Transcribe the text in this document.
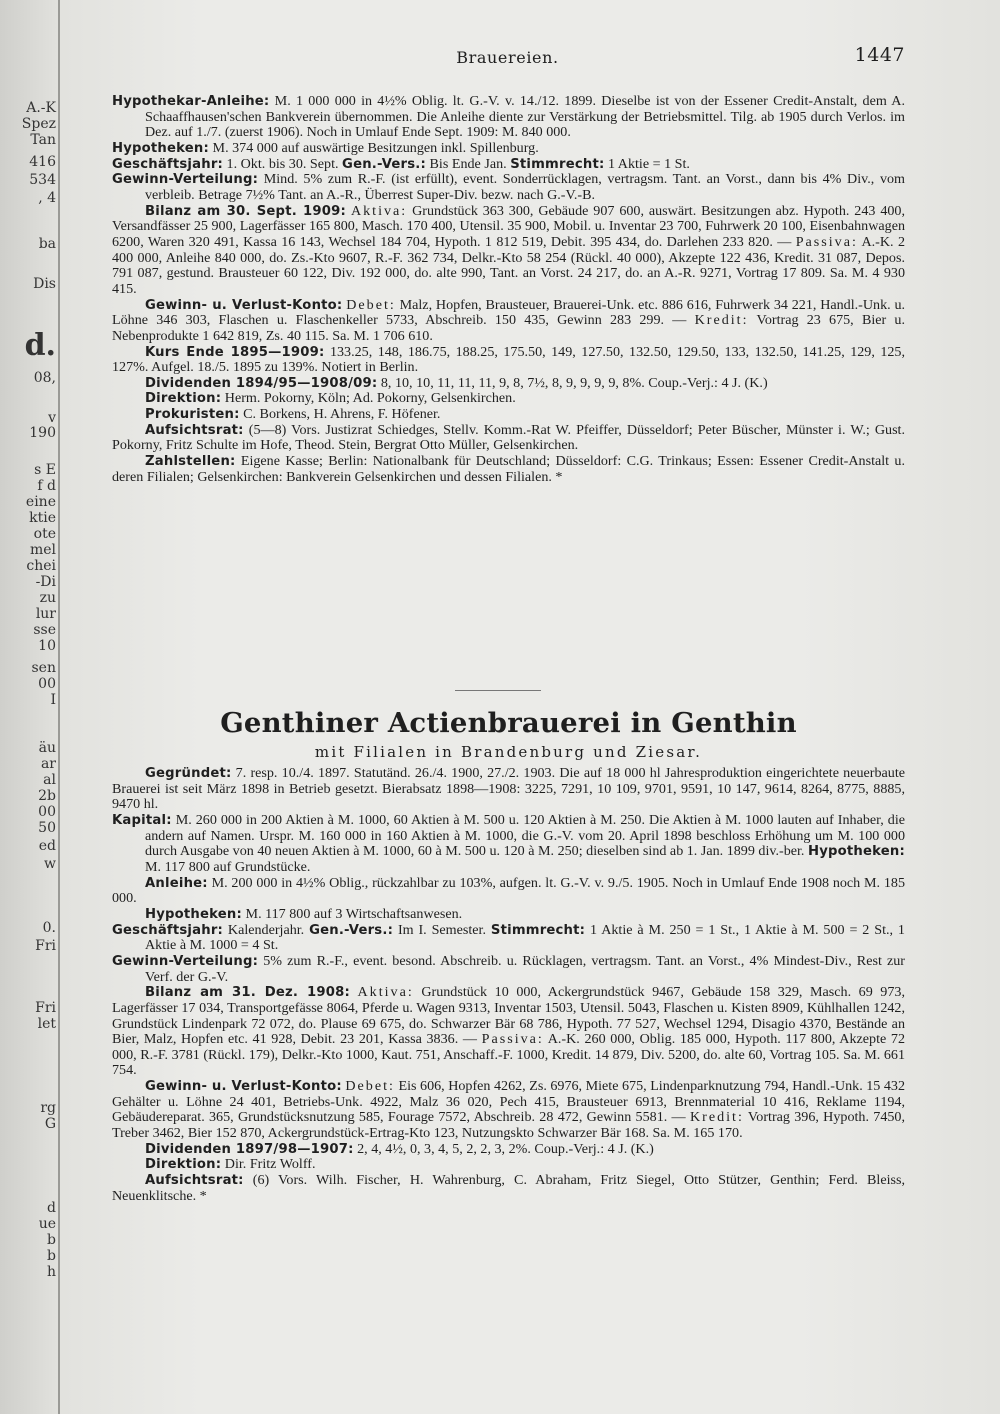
A.-K
Spez
Tan
416
534
, 4
ba
Dis
d.
08,
v
190
s E
f d
eine
ktie
ote
mel
chei
-Di
zu
lur
sse
10
sen
00
I
äu
ar
al
2b
00
50
ed
w
0.
Fri
Fri
let
rg
G
d
ue
b
b
h
Brauereien.	1447

Hypothekar-Anleihe: M. 1 000 000 in 4½% Oblig. lt. G.-V. v. 14./12. 1899. Dieselbe ist von der Essener Credit-Anstalt, dem A. Schaaffhausen'schen Bankverein übernommen. Die Anleihe diente zur Verstärkung der Betriebsmittel. Tilg. ab 1905 durch Verlos. im Dez. auf 1./7. (zuerst 1906). Noch in Umlauf Ende Sept. 1909: M. 840 000.

Hypotheken: M. 374 000 auf auswärtige Besitzungen inkl. Spillenburg.

Geschäftsjahr: 1. Okt. bis 30. Sept. Gen.-Vers.: Bis Ende Jan. Stimmrecht: 1 Aktie = 1 St.

Gewinn-Verteilung: Mind. 5% zum R.-F. (ist erfüllt), event. Sonderrücklagen, vertragsm. Tant. an Vorst., dann bis 4% Div., vom verbleib. Betrage 7½% Tant. an A.-R., Überrest Super-Div. bezw. nach G.-V.-B.

Bilanz am 30. Sept. 1909: Aktiva: Grundstück 363 300, Gebäude 907 600, auswärt. Besitzungen abz. Hypoth. 243 400, Versandfässer 25 900, Lagerfässer 165 800, Masch. 170 400, Utensil. 35 900, Mobil. u. Inventar 23 700, Fuhrwerk 20 100, Eisenbahnwagen 6200, Waren 320 491, Kassa 16 143, Wechsel 184 704, Hypoth. 1 812 519, Debit. 395 434, do. Darlehen 233 820. — Passiva: A.-K. 2 400 000, Anleihe 840 000, do. Zs.-Kto 9607, R.-F. 362 734, Delkr.-Kto 58 254 (Rückl. 40 000), Akzepte 122 436, Kredit. 31 087, Depos. 791 087, gestund. Brausteuer 60 122, Div. 192 000, do. alte 990, Tant. an Vorst. 24 217, do. an A.-R. 9271, Vortrag 17 809. Sa. M. 4 930 415.

Gewinn- u. Verlust-Konto: Debet: Malz, Hopfen, Brausteuer, Brauerei-Unk. etc. 886 616, Fuhrwerk 34 221, Handl.-Unk. u. Löhne 346 303, Flaschen u. Flaschenkeller 5733, Abschreib. 150 435, Gewinn 283 299. — Kredit: Vortrag 23 675, Bier u. Nebenprodukte 1 642 819, Zs. 40 115. Sa. M. 1 706 610.

Kurs Ende 1895—1909: 133.25, 148, 186.75, 188.25, 175.50, 149, 127.50, 132.50, 129.50, 133, 132.50, 141.25, 129, 125, 127%. Aufgel. 18./5. 1895 zu 139%. Notiert in Berlin.

Dividenden 1894/95—1908/09: 8, 10, 10, 11, 11, 11, 9, 8, 7½, 8, 9, 9, 9, 9, 8%. Coup.-Verj.: 4 J. (K.)

Direktion: Herm. Pokorny, Köln; Ad. Pokorny, Gelsenkirchen.

Prokuristen: C. Borkens, H. Ahrens, F. Höfener.

Aufsichtsrat: (5—8) Vors. Justizrat Schiedges, Stellv. Komm.-Rat W. Pfeiffer, Düsseldorf; Peter Büscher, Münster i. W.; Gust. Pokorny, Fritz Schulte im Hofe, Theod. Stein, Bergrat Otto Müller, Gelsenkirchen.

Zahlstellen: Eigene Kasse; Berlin: Nationalbank für Deutschland; Düsseldorf: C.G. Trinkaus; Essen: Essener Credit-Anstalt u. deren Filialen; Gelsenkirchen: Bankverein Gelsenkirchen und dessen Filialen. *

Genthiner Actienbrauerei in Genthin
mit Filialen in Brandenburg und Ziesar.

Gegründet: 7. resp. 10./4. 1897. Statutänd. 26./4. 1900, 27./2. 1903. Die auf 18 000 hl Jahresproduktion eingerichtete neuerbaute Brauerei ist seit März 1898 in Betrieb gesetzt. Bierabsatz 1898—1908: 3225, 7291, 10 109, 9701, 9591, 10 147, 9614, 8264, 8775, 8885, 9470 hl.

Kapital: M. 260 000 in 200 Aktien à M. 1000, 60 Aktien à M. 500 u. 120 Aktien à M. 250. Die Aktien à M. 1000 lauten auf Inhaber, die andern auf Namen. Urspr. M. 160 000 in 160 Aktien à M. 1000, die G.-V. vom 20. April 1898 beschloss Erhöhung um M. 100 000 durch Ausgabe von 40 neuen Aktien à M. 1000, 60 à M. 500 u. 120 à M. 250; dieselben sind ab 1. Jan. 1899 div.-ber. Hypotheken: M. 117 800 auf Grundstücke.

Anleihe: M. 200 000 in 4½% Oblig., rückzahlbar zu 103%, aufgen. lt. G.-V. v. 9./5. 1905. Noch in Umlauf Ende 1908 noch M. 185 000.

Hypotheken: M. 117 800 auf 3 Wirtschaftsanwesen.

Geschäftsjahr: Kalenderjahr. Gen.-Vers.: Im I. Semester. Stimmrecht: 1 Aktie à M. 250 = 1 St., 1 Aktie à M. 500 = 2 St., 1 Aktie à M. 1000 = 4 St.

Gewinn-Verteilung: 5% zum R.-F., event. besond. Abschreib. u. Rücklagen, vertragsm. Tant. an Vorst., 4% Mindest-Div., Rest zur Verf. der G.-V.

Bilanz am 31. Dez. 1908: Aktiva: Grundstück 10 000, Ackergrundstück 9467, Gebäude 158 329, Masch. 69 973, Lagerfässer 17 034, Transportgefässe 8064, Pferde u. Wagen 9313, Inventar 1503, Utensil. 5043, Flaschen u. Kisten 8909, Kühlhallen 1242, Grundstück Lindenpark 72 072, do. Plause 69 675, do. Schwarzer Bär 68 786, Hypoth. 77 527, Wechsel 1294, Disagio 4370, Bestände an Bier, Malz, Hopfen etc. 41 928, Debit. 23 201, Kassa 3836. — Passiva: A.-K. 260 000, Oblig. 185 000, Hypoth. 117 800, Akzepte 72 000, R.-F. 3781 (Rückl. 179), Delkr.-Kto 1000, Kaut. 751, Anschaff.-F. 1000, Kredit. 14 879, Div. 5200, do. alte 60, Vortrag 105. Sa. M. 661 754.

Gewinn- u. Verlust-Konto: Debet: Eis 606, Hopfen 4262, Zs. 6976, Miete 675, Lindenparknutzung 794, Handl.-Unk. 15 432 Gehälter u. Löhne 24 401, Betriebs-Unk. 4922, Malz 36 020, Pech 415, Brausteuer 6913, Brennmaterial 10 416, Reklame 1194, Gebäudereparat. 365, Grundstücksnutzung 585, Fourage 7572, Abschreib. 28 472, Gewinn 5581. — Kredit: Vortrag 396, Hypoth. 7450, Treber 3462, Bier 152 870, Ackergrundstück-Ertrag-Kto 123, Nutzungskto Schwarzer Bär 168. Sa. M. 165 170.

Dividenden 1897/98—1907: 2, 4, 4½, 0, 3, 4, 5, 2, 2, 3, 2%. Coup.-Verj.: 4 J. (K.)

Direktion: Dir. Fritz Wolff.

Aufsichtsrat: (6) Vors. Wilh. Fischer, H. Wahrenburg, C. Abraham, Fritz Siegel, Otto Stützer, Genthin; Ferd. Bleiss, Neuenklitsche. *
